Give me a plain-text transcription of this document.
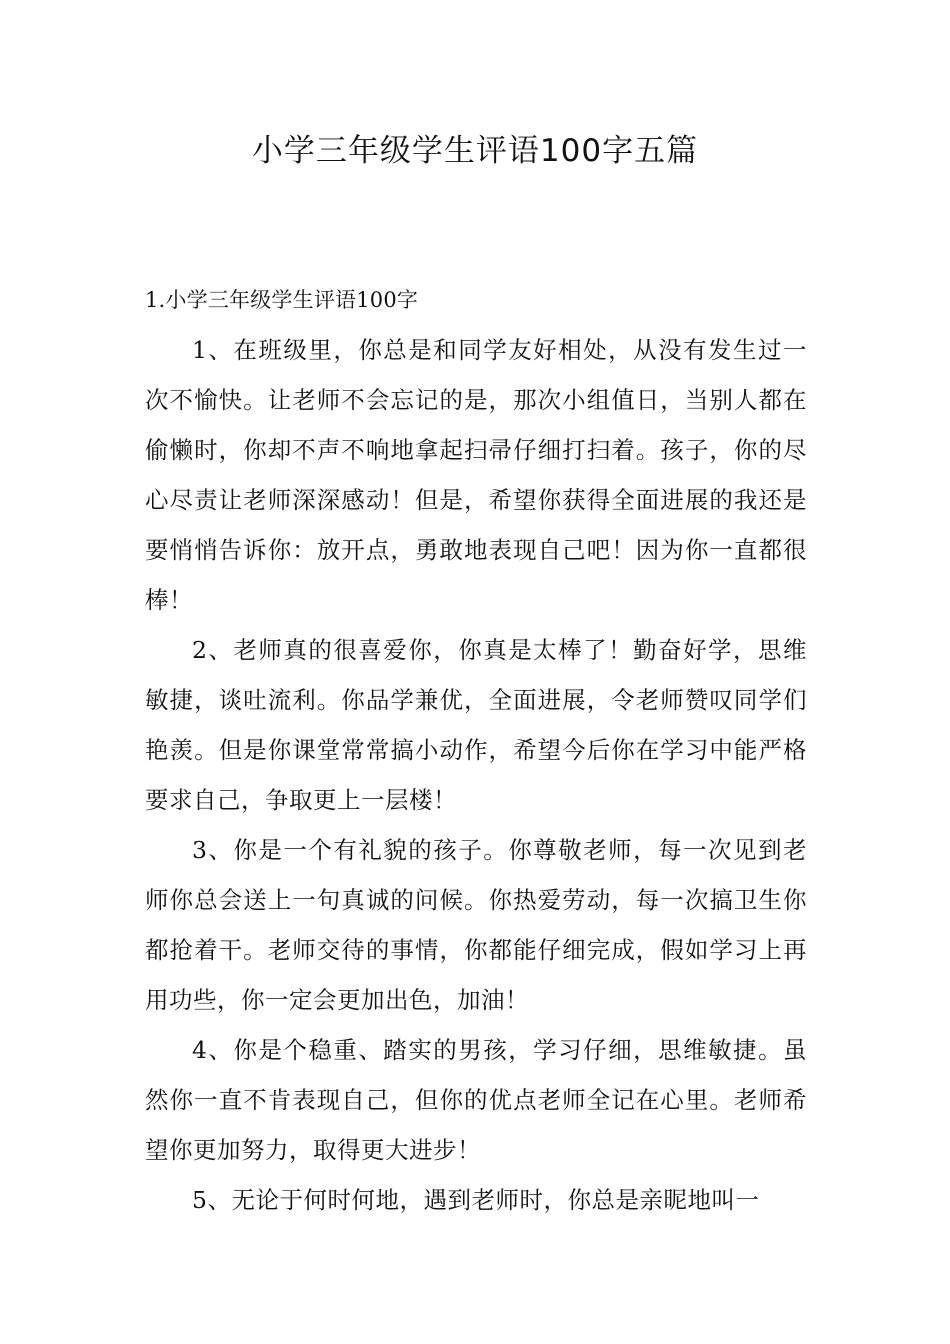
小学三年级学生评语100字五篇

1.小学三年级学生评语100字

1、在班级里，你总是和同学友好相处，从没有发生过一次不愉快。让老师不会忘记的是，那次小组值日，当别人都在偷懒时，你却不声不响地拿起扫帚仔细打扫着。孩子，你的尽心尽责让老师深深感动！但是，希望你获得全面进展的我还是要悄悄告诉你：放开点，勇敢地表现自己吧！因为你一直都很棒！

2、老师真的很喜爱你，你真是太棒了！勤奋好学，思维敏捷，谈吐流利。你品学兼优，全面进展，令老师赞叹同学们艳羡。但是你课堂常常搞小动作，希望今后你在学习中能严格要求自己，争取更上一层楼！

3、你是一个有礼貌的孩子。你尊敬老师，每一次见到老师你总会送上一句真诚的问候。你热爱劳动，每一次搞卫生你都抢着干。老师交待的事情，你都能仔细完成，假如学习上再用功些，你一定会更加出色，加油！

4、你是个稳重、踏实的男孩，学习仔细，思维敏捷。虽然你一直不肯表现自己，但你的优点老师全记在心里。老师希望你更加努力，取得更大进步！

5、无论于何时何地，遇到老师时，你总是亲昵地叫一
